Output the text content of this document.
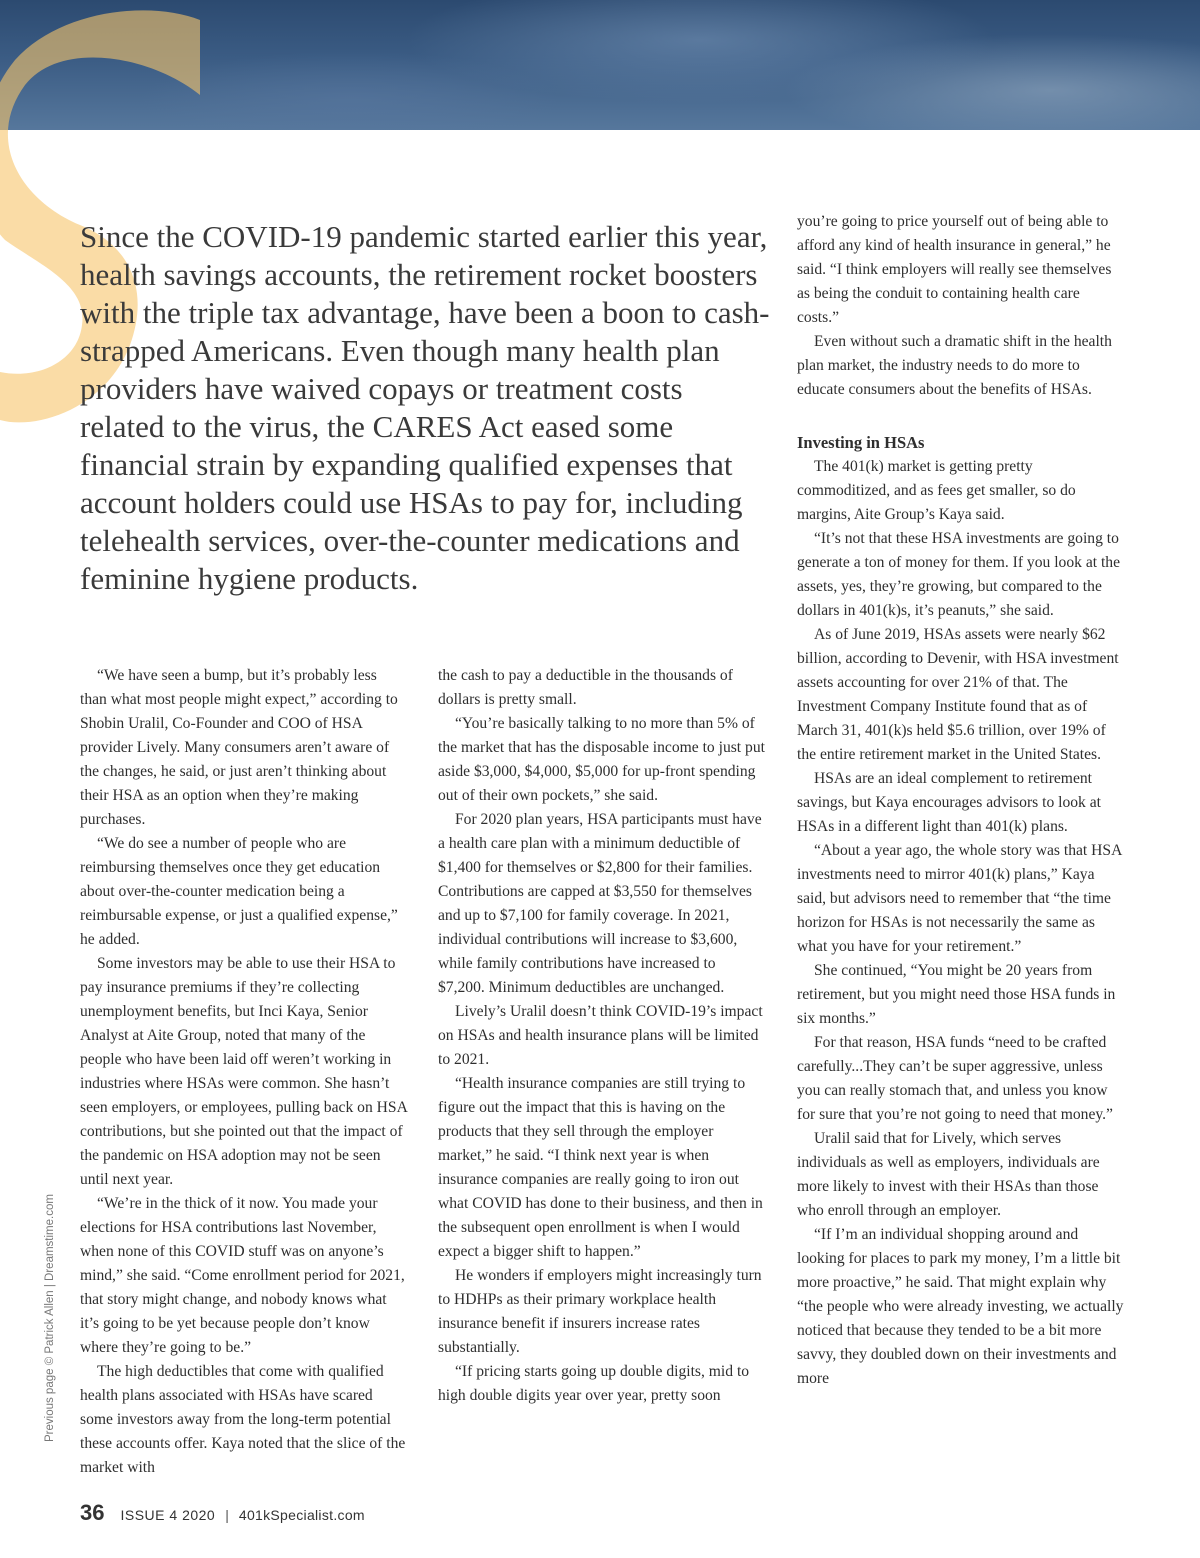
Since the COVID-19 pandemic started earlier this year, health savings accounts, the retirement rocket boosters with the triple tax advantage, have been a boon to cash-strapped Americans. Even though many health plan providers have waived copays or treatment costs related to the virus, the CARES Act eased some financial strain by expanding qualified expenses that account holders could use HSAs to pay for, including telehealth services, over-the-counter medications and feminine hygiene products.

“We have seen a bump, but it’s probably less than what most people might expect,” according to Shobin Uralil, Co-Founder and COO of HSA provider Lively. Many consumers aren’t aware of the changes, he said, or just aren’t thinking about their HSA as an option when they’re making purchases.

“We do see a number of people who are reimbursing themselves once they get education about over-the-counter medication being a reimbursable expense, or just a qualified expense,” he added.

Some investors may be able to use their HSA to pay insurance premiums if they’re collecting unemployment benefits, but Inci Kaya, Senior Analyst at Aite Group, noted that many of the people who have been laid off weren’t working in industries where HSAs were common. She hasn’t seen employers, or employees, pulling back on HSA contributions, but she pointed out that the impact of the pandemic on HSA adoption may not be seen until next year.

“We’re in the thick of it now. You made your elections for HSA contributions last November, when none of this COVID stuff was on anyone’s mind,” she said. “Come enrollment period for 2021, that story might change, and nobody knows what it’s going to be yet because people don’t know where they’re going to be.”

The high deductibles that come with qualified health plans associated with HSAs have scared some investors away from the long-term potential these accounts offer. Kaya noted that the slice of the market with

the cash to pay a deductible in the thousands of dollars is pretty small.

“You’re basically talking to no more than 5% of the market that has the disposable income to just put aside $3,000, $4,000, $5,000 for up-front spending out of their own pockets,” she said.

For 2020 plan years, HSA participants must have a health care plan with a minimum deductible of $1,400 for themselves or $2,800 for their families. Contributions are capped at $3,550 for themselves and up to $7,100 for family coverage. In 2021, individual contributions will increase to $3,600, while family contributions have increased to $7,200. Minimum deductibles are unchanged.

Lively’s Uralil doesn’t think COVID-19’s impact on HSAs and health insurance plans will be limited to 2021.

“Health insurance companies are still trying to figure out the impact that this is having on the products that they sell through the employer market,” he said. “I think next year is when insurance companies are really going to iron out what COVID has done to their business, and then in the subsequent open enrollment is when I would expect a bigger shift to happen.”

He wonders if employers might increasingly turn to HDHPs as their primary workplace health insurance benefit if insurers increase rates substantially.

“If pricing starts going up double digits, mid to high double digits year over year, pretty soon

you’re going to price yourself out of being able to afford any kind of health insurance in general,” he said. “I think employers will really see themselves as being the conduit to containing health care costs.”

Even without such a dramatic shift in the health plan market, the industry needs to do more to educate consumers about the benefits of HSAs.

Investing in HSAs

The 401(k) market is getting pretty commoditized, and as fees get smaller, so do margins, Aite Group’s Kaya said.

“It’s not that these HSA investments are going to generate a ton of money for them. If you look at the assets, yes, they’re growing, but compared to the dollars in 401(k)s, it’s peanuts,” she said.

As of June 2019, HSAs assets were nearly $62 billion, according to Devenir, with HSA investment assets accounting for over 21% of that. The Investment Company Institute found that as of March 31, 401(k)s held $5.6 trillion, over 19% of the entire retirement market in the United States.

HSAs are an ideal complement to retirement savings, but Kaya encourages advisors to look at HSAs in a different light than 401(k) plans.

“About a year ago, the whole story was that HSA investments need to mirror 401(k) plans,” Kaya said, but advisors need to remember that “the time horizon for HSAs is not necessarily the same as what you have for your retirement.”

She continued, “You might be 20 years from retirement, but you might need those HSA funds in six months.”

For that reason, HSA funds “need to be crafted carefully...They can’t be super aggressive, unless you can really stomach that, and unless you know for sure that you’re not going to need that money.”

Uralil said that for Lively, which serves individuals as well as employers, individuals are more likely to invest with their HSAs than those who enroll through an employer.

“If I’m an individual shopping around and looking for places to park my money, I’m a little bit more proactive,” he said. That might explain why “the people who were already investing, we actually noticed that because they tended to be a bit more savvy, they doubled down on their investments and more

Previous page © Patrick Allen | Dreamstime.com
36 ISSUE 4 2020 | 401kSpecialist.com
